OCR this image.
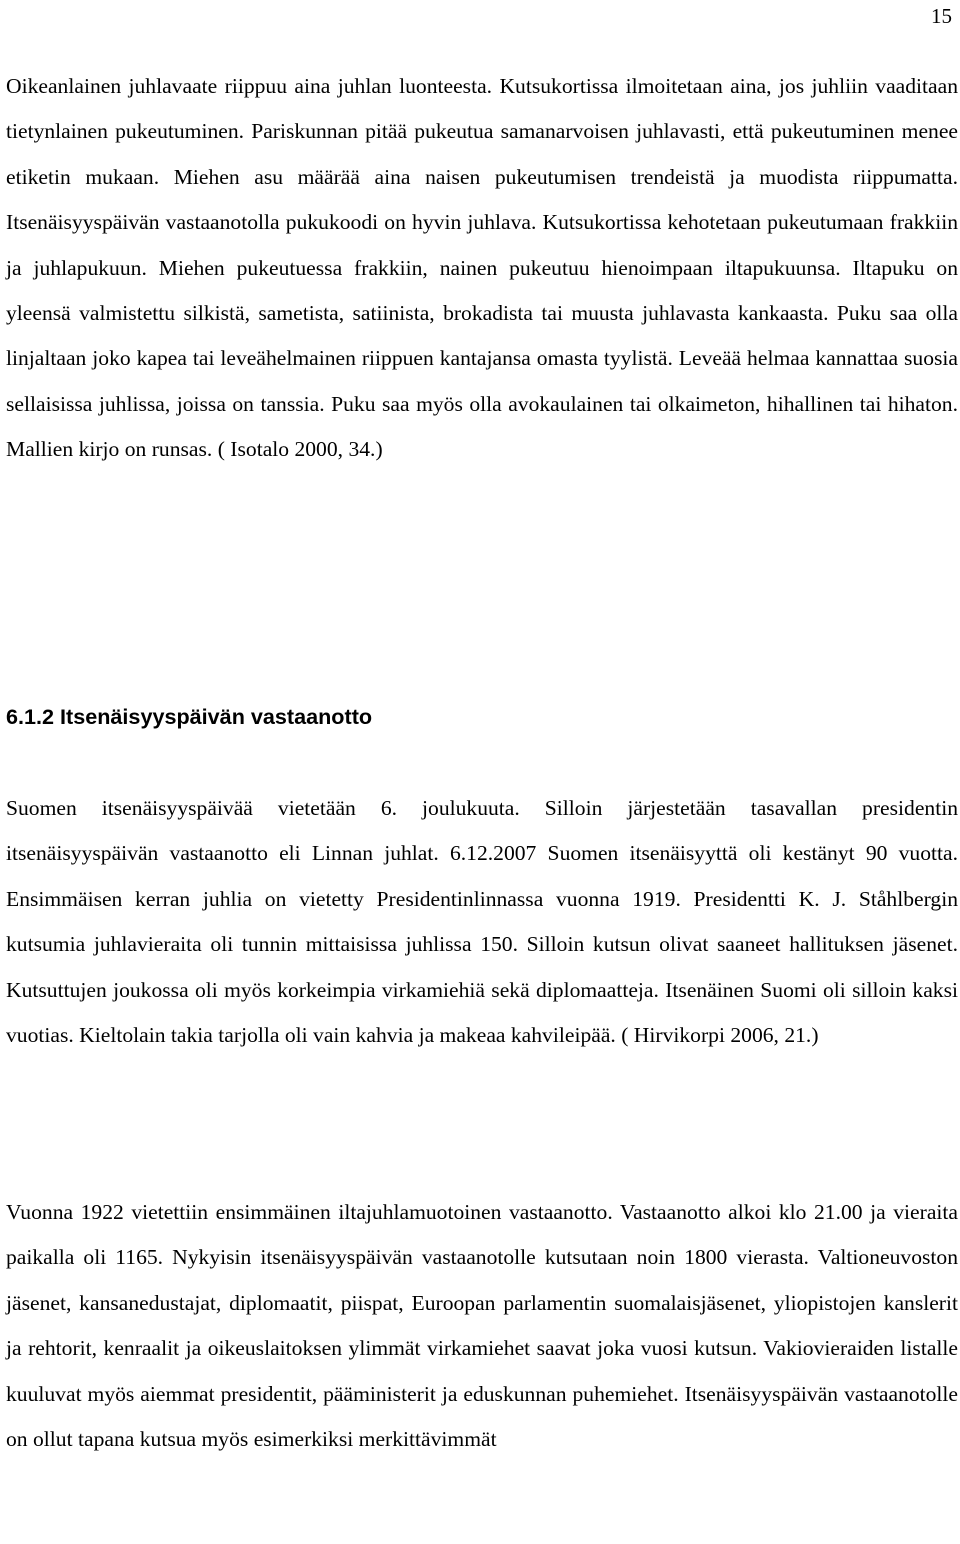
15

Oikeanlainen juhlavaate riippuu aina juhlan luonteesta. Kutsukortissa ilmoitetaan aina, jos juhliin vaaditaan tietynlainen pukeutuminen. Pariskunnan pitää pukeutua samanarvoisen juhlavasti, että pukeutuminen menee etiketin mukaan. Miehen asu määrää aina naisen pukeutumisen trendeistä ja muodista riippumatta. Itsenäisyyspäivän vastaanotolla pukukoodi on hyvin juhlava. Kutsukortissa kehotetaan pukeutumaan frakkiin ja juhlapukuun. Miehen pukeutuessa frakkiin, nainen pukeutuu hienoimpaan iltapukuunsa. Iltapuku on yleensä valmistettu silkistä, sametista, satiinista, brokadista tai muusta juhlavasta kankaasta. Puku saa olla linjaltaan joko kapea tai leveähelmainen riippuen kantajansa omasta tyylistä. Leveää helmaa kannattaa suosia sellaisissa juhlissa, joissa on tanssia. Puku saa myös olla avokaulainen tai olkaimeton, hihallinen tai hihaton. Mallien kirjo on runsas. ( Isotalo 2000, 34.)

6.1.2 Itsenäisyyspäivän vastaanotto

Suomen itsenäisyyspäivää vietetään 6. joulukuuta. Silloin järjestetään tasavallan presidentin itsenäisyyspäivän vastaanotto eli Linnan juhlat. 6.12.2007 Suomen itsenäisyyttä oli kestänyt 90 vuotta. Ensimmäisen kerran juhlia on vietetty Presidentinlinnassa vuonna 1919. Presidentti K. J. Ståhlbergin kutsumia juhlavieraita oli tunnin mittaisissa juhlissa 150. Silloin kutsun olivat saaneet hallituksen jäsenet. Kutsuttujen joukossa oli myös korkeimpia virkamiehiä sekä diplomaatteja. Itsenäinen Suomi oli silloin kaksi vuotias. Kieltolain takia tarjolla oli vain kahvia ja makeaa kahvileipää. ( Hirvikorpi 2006, 21.)

Vuonna 1922 vietettiin ensimmäinen iltajuhlamuotoinen vastaanotto. Vastaanotto alkoi klo 21.00 ja vieraita paikalla oli 1165. Nykyisin itsenäisyyspäivän vastaanotolle kutsutaan noin 1800 vierasta. Valtioneuvoston jäsenet, kansanedustajat, diplomaatit, piispat, Euroopan parlamentin suomalaisjäsenet, yliopistojen kanslerit ja rehtorit, kenraalit ja oikeuslaitoksen ylimmät virkamiehet saavat joka vuosi kutsun. Vakiovieraiden listalle kuuluvat myös aiemmat presidentit, pääministerit ja eduskunnan puhemiehet. Itsenäisyyspäivän vastaanotolle on ollut tapana kutsua myös esimerkiksi merkittävimmät
